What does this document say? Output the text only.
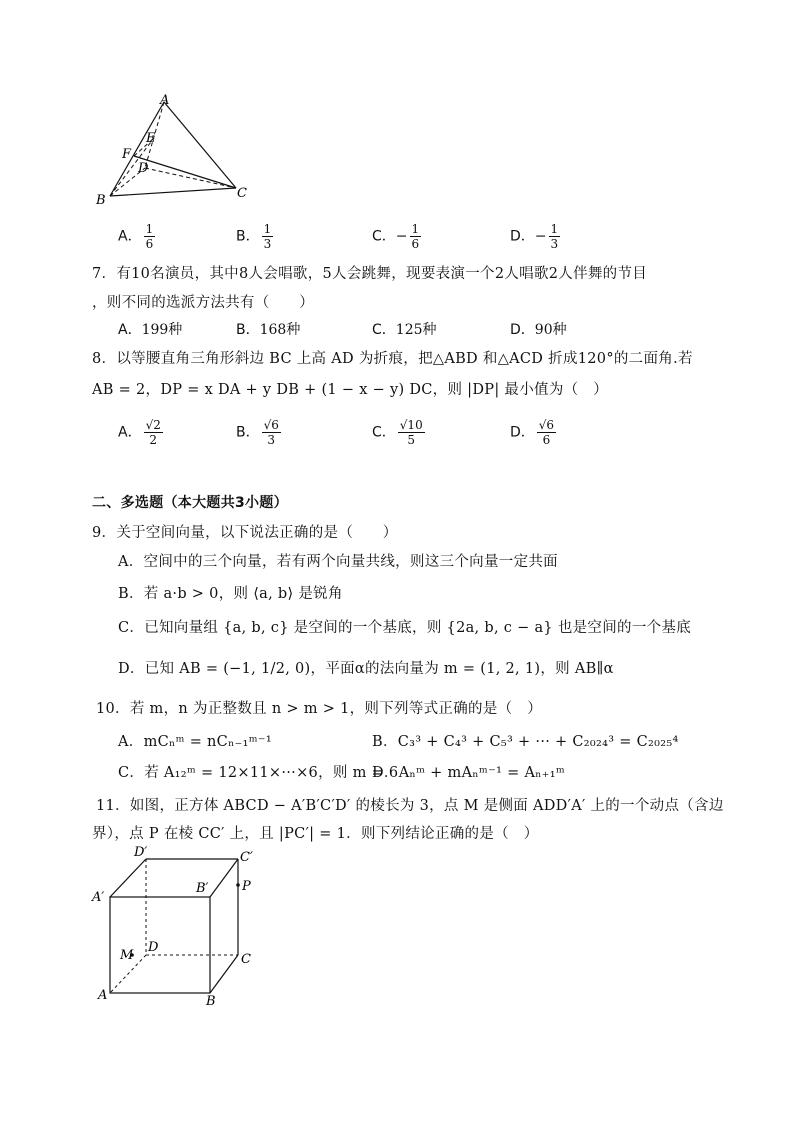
A
E
F
D
B	C
A． $\frac{1}{6}$	B． $\frac{1}{3}$	C．− $\frac{1}{6}$	D．− $\frac{1}{3}$
7．有10名演员，其中8人会唱歌，5人会跳舞，现要表演一个2人唱歌2人伴舞的节目
，则不同的选派方法共有（　　）
A．199种	B．168种	C．125种	D．90种
8．以等腰直角三角形斜边 BC 上高 AD 为折痕，把△ABD 和△ACD 折成120°的二面角.若
AB = 2，DP = x DA + y DB + (1 − x − y) DC，则 |DP| 最小值为（　）
A． $\frac{√2}{2}$	B． $\frac{√6}{3}$	C． $\frac{√10}{5}$	D． $\frac{√6}{6}$
二、多选题（本大题共3小题）
9．关于空间向量，以下说法正确的是（　　）
A．空间中的三个向量，若有两个向量共线，则这三个向量一定共面
B．若 a·b > 0，则 ⟨a, b⟩ 是锐角
C．已知向量组 {a, b, c} 是空间的一个基底，则 {2a, b, c − a} 也是空间的一个基底
D．已知 AB = (−1, 1/2, 0)，平面α的法向量为 m = (1, 2, 1)，则 AB∥α
10．若 m，n 为正整数且 n > m > 1，则下列等式正确的是（　）
A．mCₙᵐ = nCₙ₋₁ᵐ⁻¹	B．C₃³ + C₄³ + C₅³ + ··· + C₂₀₂₄³ = C₂₀₂₅⁴
C．若 A₁₂ᵐ = 12×11×···×6，则 m = 6
D．Aₙᵐ + mAₙᵐ⁻¹ = Aₙ₊₁ᵐ
11．如图，正方体 ABCD − A′B′C′D′ 的棱长为 3，点 M 是侧面 ADD′A′ 上的一个动点（含边
界），点 P 在棱 CC′ 上，且 |PC′| = 1．则下列结论正确的是（　）
D′	C′
A′
B′	P
M
D
C
A	B
